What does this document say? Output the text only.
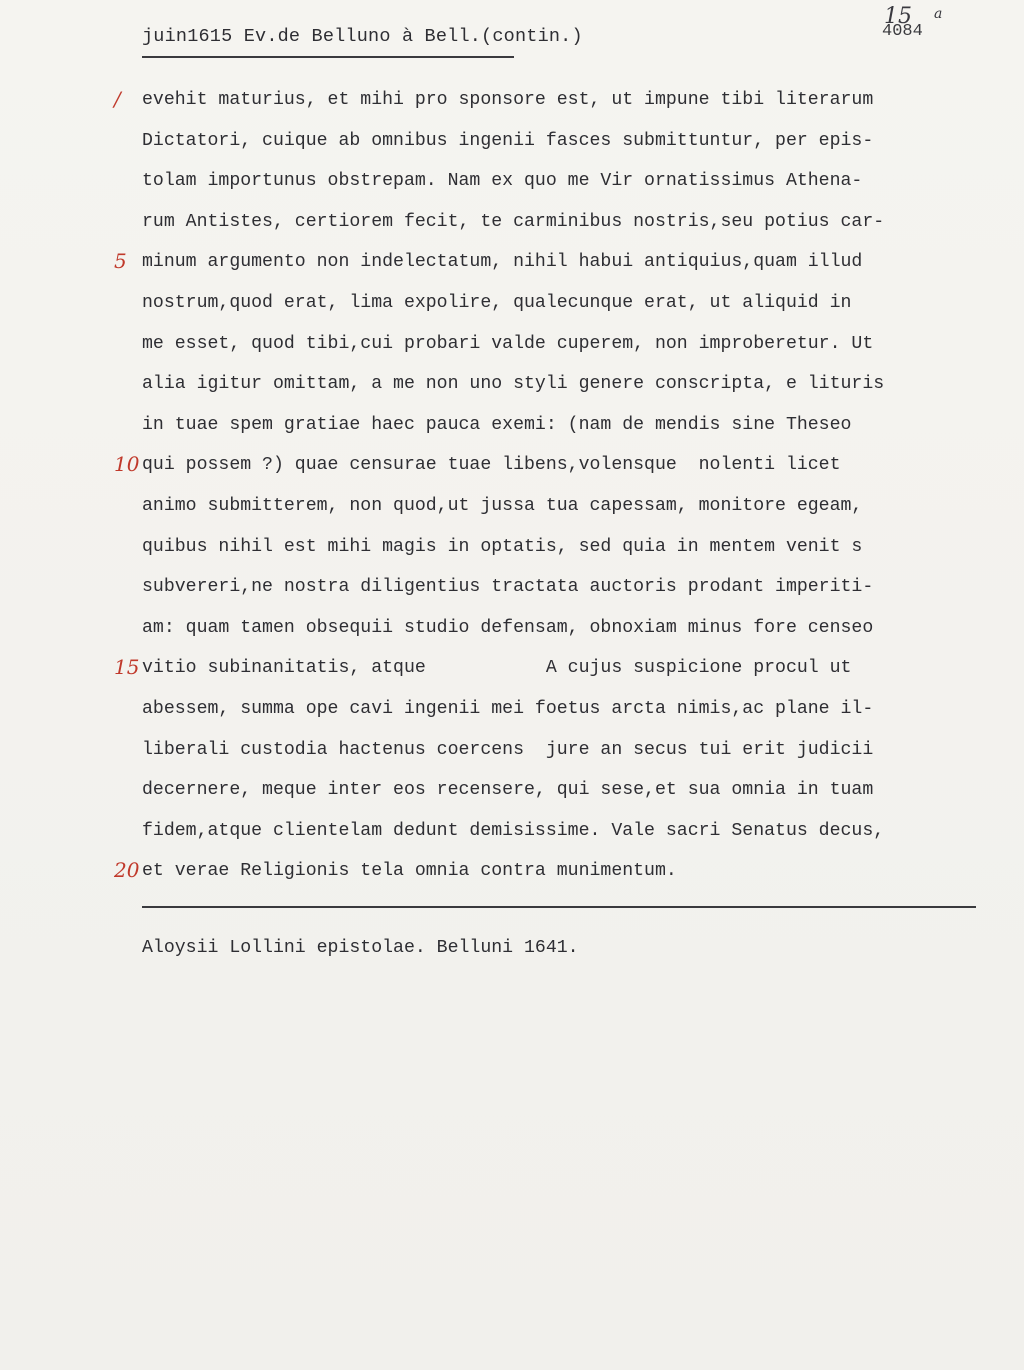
juin1615 Ev.de Belluno à Bell.(contin.)
15 a
4084
/ evehit maturius, et mihi pro sponsore est, ut impune tibi literarum
Dictatori, cuique ab omnibus ingenii fasces submittuntur, per epis-
tolam importunus obstrepam. Nam ex quo me Vir ornatissimus Athena-
rum Antistes, certiorem fecit, te carminibus nostris,seu potius car-
5 minum argumento non indelectatum, nihil habui antiquius,quam illud
nostrum,quod erat, lima expolire, qualecunque erat, ut aliquid in
me esset, quod tibi,cui probari valde cuperem, non improberetur. Ut
alia igitur omittam, a me non uno styli genere conscripta, e lituris
in tuae spem gratiae haec pauca exemi: (nam de mendis sine Theseo
10 qui possem ?) quae censurae tuae libens,volensque  nolenti licet
animo submitterem, non quod,ut jussa tua capessam, monitore egeam,
quibus nihil est mihi magis in optatis, sed quia in mentem venit s
subvereri,ne nostra diligentius tractata auctoris prodant imperiti-
am: quam tamen obsequii studio defensam, obnoxiam minus fore censeo
15 vitio subinanitatis, atque           A cujus suspicione procul ut
abessem, summa ope cavi ingenii mei foetus arcta nimis,ac plane il-
liberali custodia hactenus coercens  jure an secus tui erit judicii
decernere, meque inter eos recensere, qui sese,et sua omnia in tuam
fidem,atque clientelam dedunt demisissime. Vale sacri Senatus decus,
20 et verae Religionis tela omnia contra munimentum.
Aloysii Lollini epistolae. Belluni 1641.
